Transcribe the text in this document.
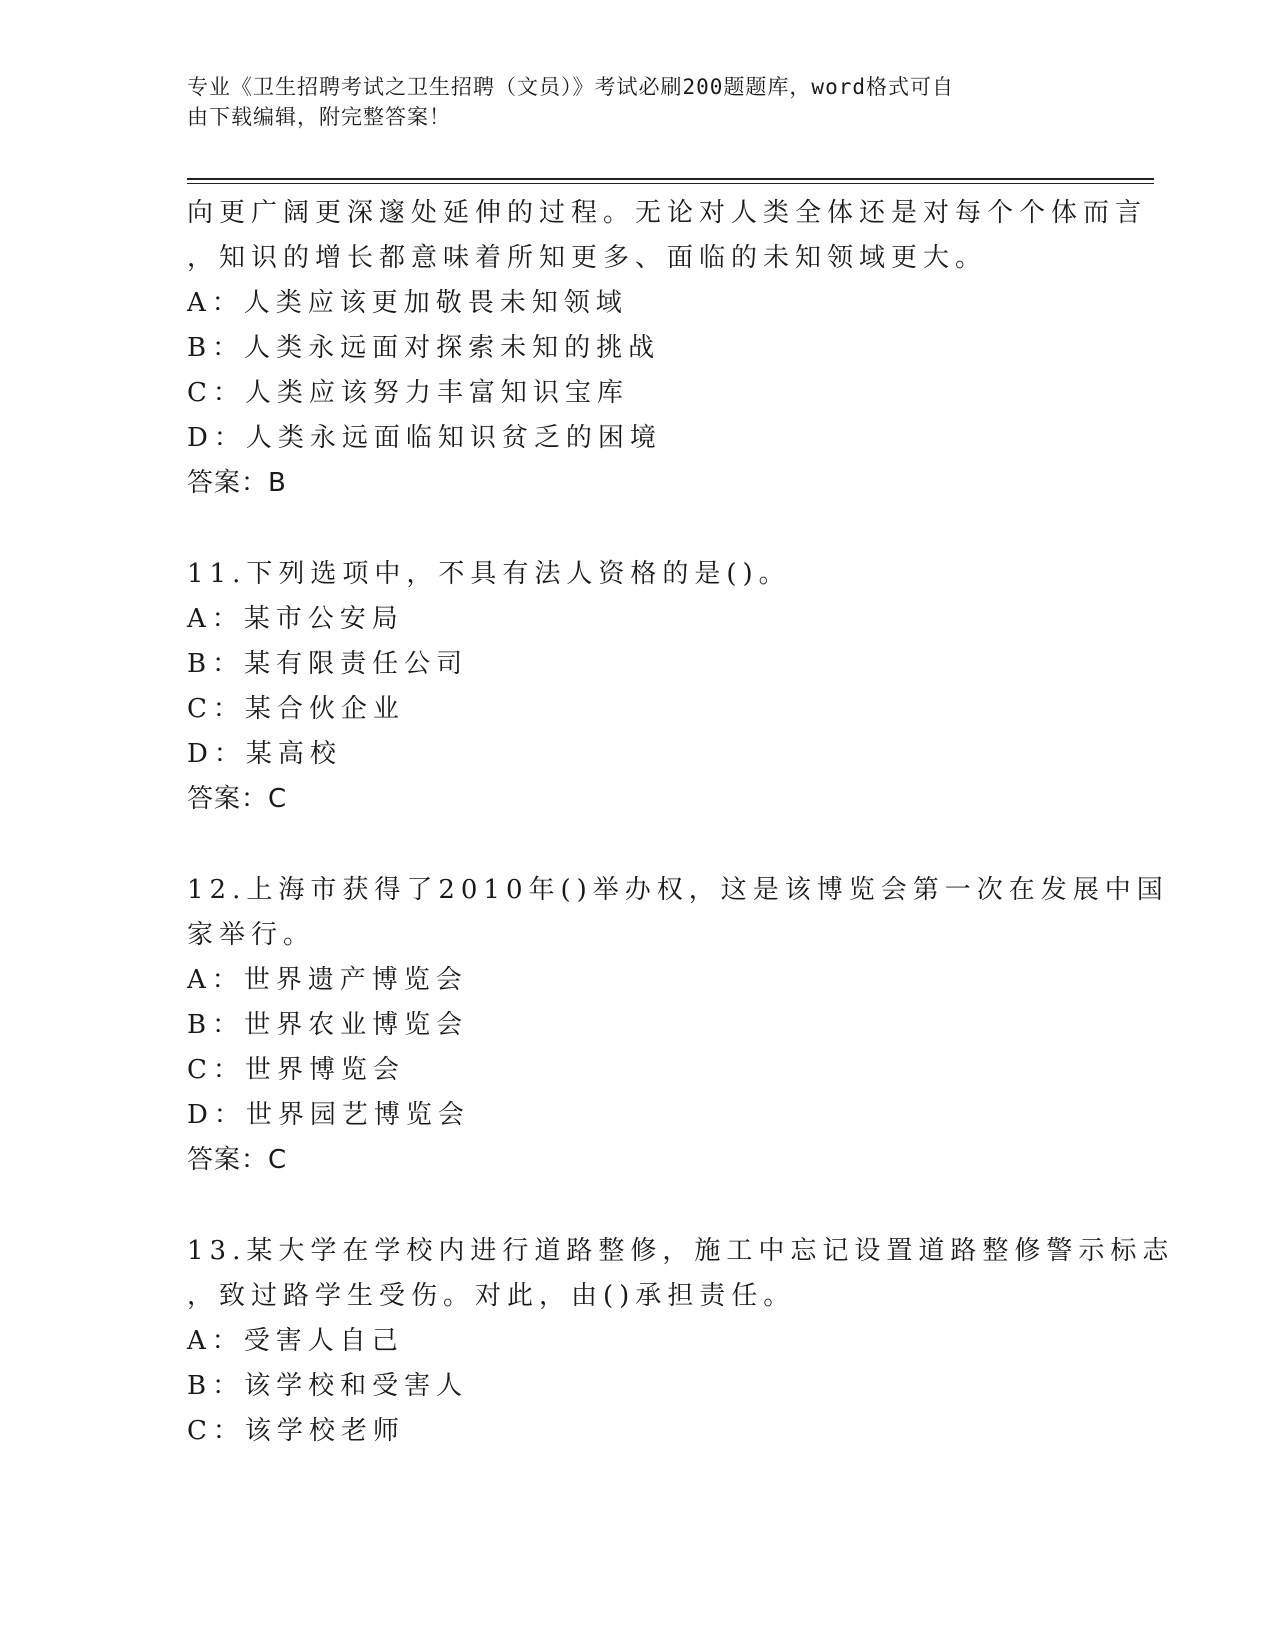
专业《卫生招聘考试之卫生招聘（文员）》考试必刷200题题库，word格式可自
由下载编辑，附完整答案！
向更广阔更深邃处延伸的过程。无论对人类全体还是对每个个体而言
，知识的增长都意味着所知更多、面临的未知领域更大。
A：人类应该更加敬畏未知领域
B：人类永远面对探索未知的挑战
C：人类应该努力丰富知识宝库
D：人类永远面临知识贫乏的困境
答案：B
11.下列选项中，不具有法人资格的是()。
A：某市公安局
B：某有限责任公司
C：某合伙企业
D：某高校
答案：C
12.上海市获得了2010年()举办权，这是该博览会第一次在发展中国
家举行。
A：世界遗产博览会
B：世界农业博览会
C：世界博览会
D：世界园艺博览会
答案：C
13.某大学在学校内进行道路整修，施工中忘记设置道路整修警示标志
，致过路学生受伤。对此，由()承担责任。
A：受害人自己
B：该学校和受害人
C：该学校老师
